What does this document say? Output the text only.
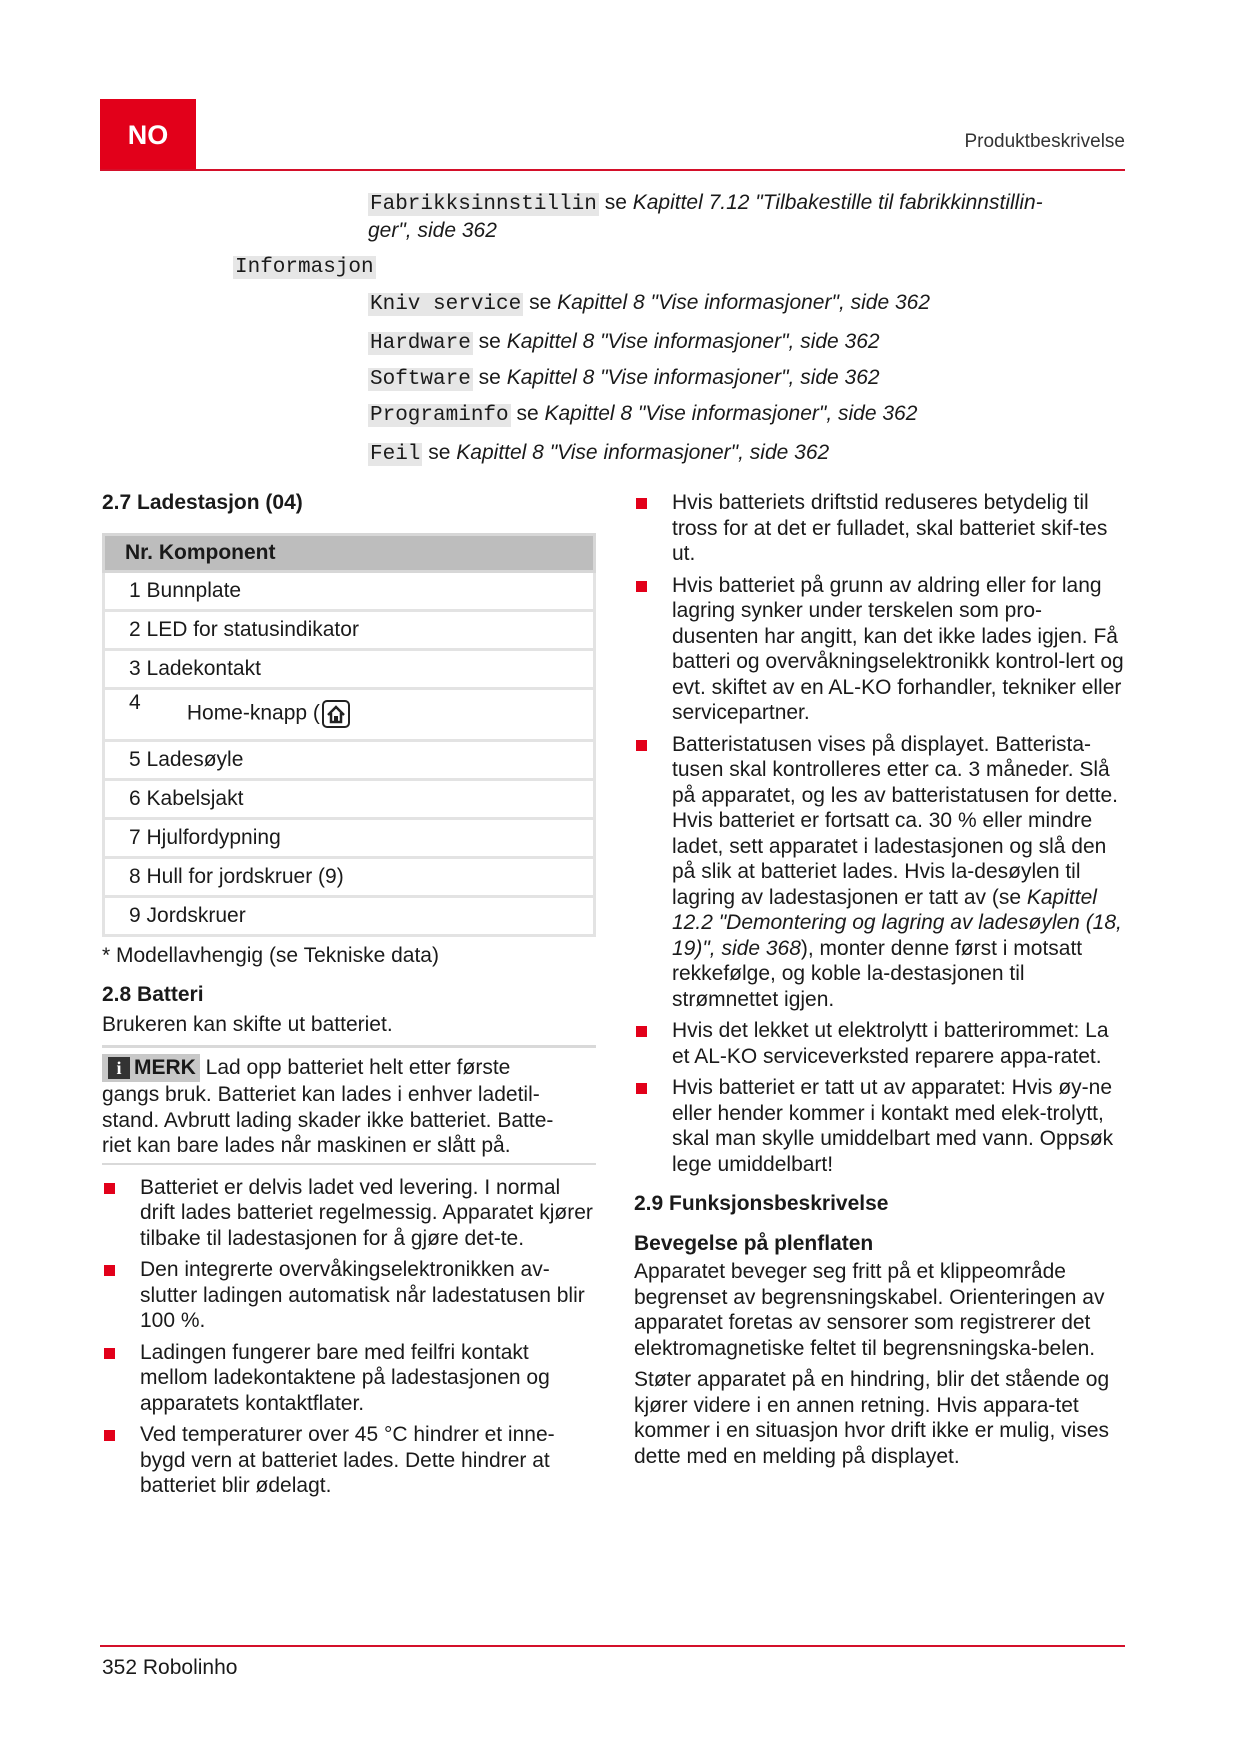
NO	Produktbeskrivelse
Fabrikksinnstillin se Kapittel 7.12 "Tilbakestille til fabrikkinnstillin-
ger", side 362
Informasjon
Kniv service se Kapittel 8 "Vise informasjoner", side 362
Hardware se Kapittel 8 "Vise informasjoner", side 362
Software se Kapittel 8 "Vise informasjoner", side 362
Programinfo se Kapittel 8 "Vise informasjoner", side 362
Feil se Kapittel 8 "Vise informasjoner", side 362
2.7 Ladestasjon (04)
Nr. Komponent
1 Bunnplate
2 LED for statusindikator
3 Ladekontakt
4 Home-knapp (

5 Ladesøyle
6 Kabelsjakt
7 Hjulfordypning
8 Hull for jordskruer (9)
9 Jordskruer

* Modellavhengig (se Tekniske data)

2.8 Batteri

Brukeren kan skifte ut batteriet.

i MERK Lad opp batteriet helt etter første
gangs bruk. Batteriet kan lades i enhver ladetil-
stand. Avbrutt lading skader ikke batteriet. Batte-
riet kan bare lades når maskinen er slått på.
Batteriet er delvis ladet ved levering. I normal drift lades batteriet regelmessig. Apparatet kjører tilbake til ladestasjonen for å gjøre det-te.
Den integrerte overvåkingselektronikken av-slutter ladingen automatisk når ladestatusen blir 100 %.
Ladingen fungerer bare med feilfri kontakt mellom ladekontaktene på ladestasjonen og apparatets kontaktflater.
Ved temperaturer over 45 °C hindrer et inne-bygd vern at batteriet lades. Dette hindrer at batteriet blir ødelagt.
Hvis batteriets driftstid reduseres betydelig til tross for at det er fulladet, skal batteriet skif-tes ut.
Hvis batteriet på grunn av aldring eller for lang lagring synker under terskelen som pro-dusenten har angitt, kan det ikke lades igjen. Få batteri og overvåkningselektronikk kontrol-lert og evt. skiftet av en AL-KO forhandler, tekniker eller servicepartner.
Batteristatusen vises på displayet. Batterista-tusen skal kontrolleres etter ca. 3 måneder. Slå på apparatet, og les av batteristatusen for dette. Hvis batteriet er fortsatt ca. 30 % eller mindre ladet, sett apparatet i ladestasjonen og slå den på slik at batteriet lades. Hvis la-desøylen til lagring av ladestasjonen er tatt av (se Kapittel 12.2 "Demontering og lagring av ladesøylen (18, 19)", side 368), monter denne først i motsatt rekkefølge, og koble la-destasjonen til strømnettet igjen.
Hvis det lekket ut elektrolytt i batterirommet: La et AL-KO serviceverksted reparere appa-ratet.
Hvis batteriet er tatt ut av apparatet: Hvis øy-ne eller hender kommer i kontakt med elek-trolytt, skal man skylle umiddelbart med vann. Oppsøk lege umiddelbart!
2.9 Funksjonsbeskrivelse
Bevegelse på plenflaten

Apparatet beveger seg fritt på et klippeområde begrenset av begrensningskabel. Orienteringen av apparatet foretas av sensorer som registrerer det elektromagnetiske feltet til begrensningska-belen.

Støter apparatet på en hindring, blir det stående og kjører videre i en annen retning. Hvis appara-tet kommer i en situasjon hvor drift ikke er mulig, vises dette med en melding på displayet.

352 Robolinho
